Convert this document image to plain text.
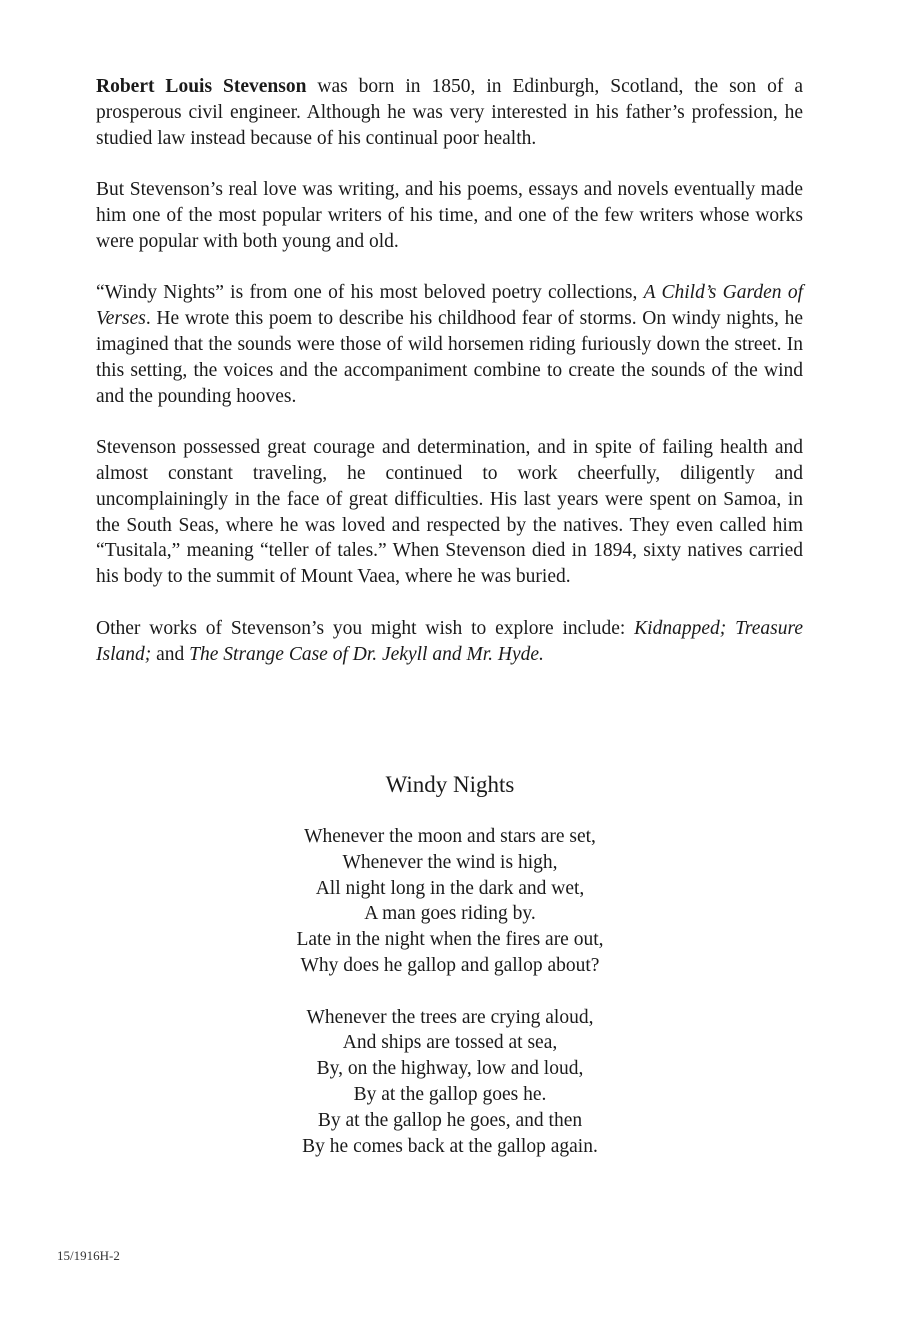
Robert Louis Stevenson was born in 1850, in Edinburgh, Scotland, the son of a prosperous civil engineer. Although he was very interested in his father’s profession, he studied law instead because of his continual poor health.

But Stevenson’s real love was writing, and his poems, essays and novels eventually made him one of the most popular writers of his time, and one of the few writers whose works were popular with both young and old.

“Windy Nights” is from one of his most beloved poetry collections, A Child’s Garden of Verses. He wrote this poem to describe his childhood fear of storms. On windy nights, he imagined that the sounds were those of wild horsemen riding furiously down the street. In this setting, the voices and the accompaniment combine to create the sounds of the wind and the pounding hooves.

Stevenson possessed great courage and determination, and in spite of failing health and almost constant traveling, he continued to work cheerfully, diligently and uncomplainingly in the face of great difficulties. His last years were spent on Samoa, in the South Seas, where he was loved and respected by the natives. They even called him “Tusitala,” meaning “teller of tales.” When Stevenson died in 1894, sixty natives carried his body to the summit of Mount Vaea, where he was buried.

Other works of Stevenson’s you might wish to explore include: Kidnapped; Treasure Island; and The Strange Case of Dr. Jekyll and Mr. Hyde.

Windy Nights
Whenever the moon and stars are set,
Whenever the wind is high,
All night long in the dark and wet,
A man goes riding by.
Late in the night when the fires are out,
Why does he gallop and gallop about?
Whenever the trees are crying aloud,
And ships are tossed at sea,
By, on the highway, low and loud,
By at the gallop goes he.
By at the gallop he goes, and then
By he comes back at the gallop again.
15/1916H-2
